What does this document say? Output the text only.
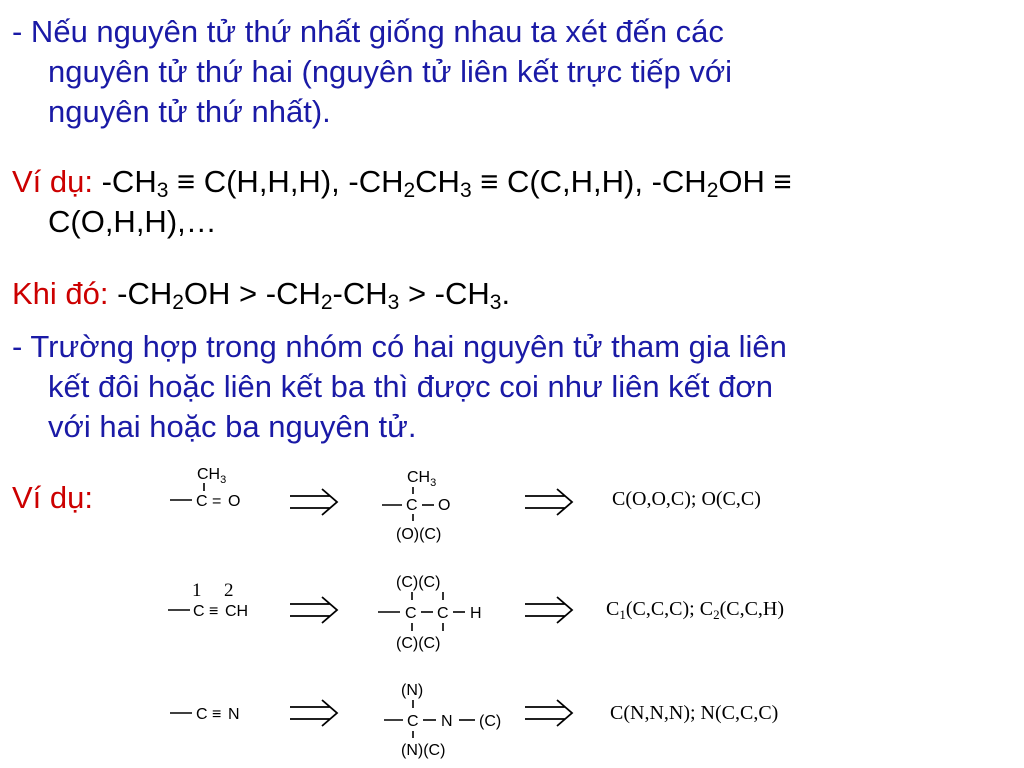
- Nếu nguyên tử thứ nhất giống nhau ta xét đến các
nguyên tử thứ hai (nguyên tử liên kết trực tiếp với
nguyên tử thứ nhất).
Ví dụ: $-CH_3 \equiv C(H,H,H)$, $-CH_2CH_3 \equiv C(C,H,H)$, $-CH_2OH$ ≡
C(O,H,H),…
Khi đó: $-CH_2OH > -CH_2-CH_3 > -CH_3$.
- Trường hợp trong nhóm có hai nguyên tử tham gia liên
kết đôi hoặc liên kết ba thì được coi như liên kết đơn
với hai hoặc ba nguyên tử.
Ví dụ:
$CH_3$
C = O
$CH_3$
C O
(O)(C)
C(O,O,C); O(C,C)
1 2
C ≡ CH
(C)(C)
C C H
(C)(C)
$C_1(C,C,C)$; $C_2(C,C,H)$
C ≡ N
(N)
C N (C)
(N)(C)
C(N,N,N); N(C,C,C)
